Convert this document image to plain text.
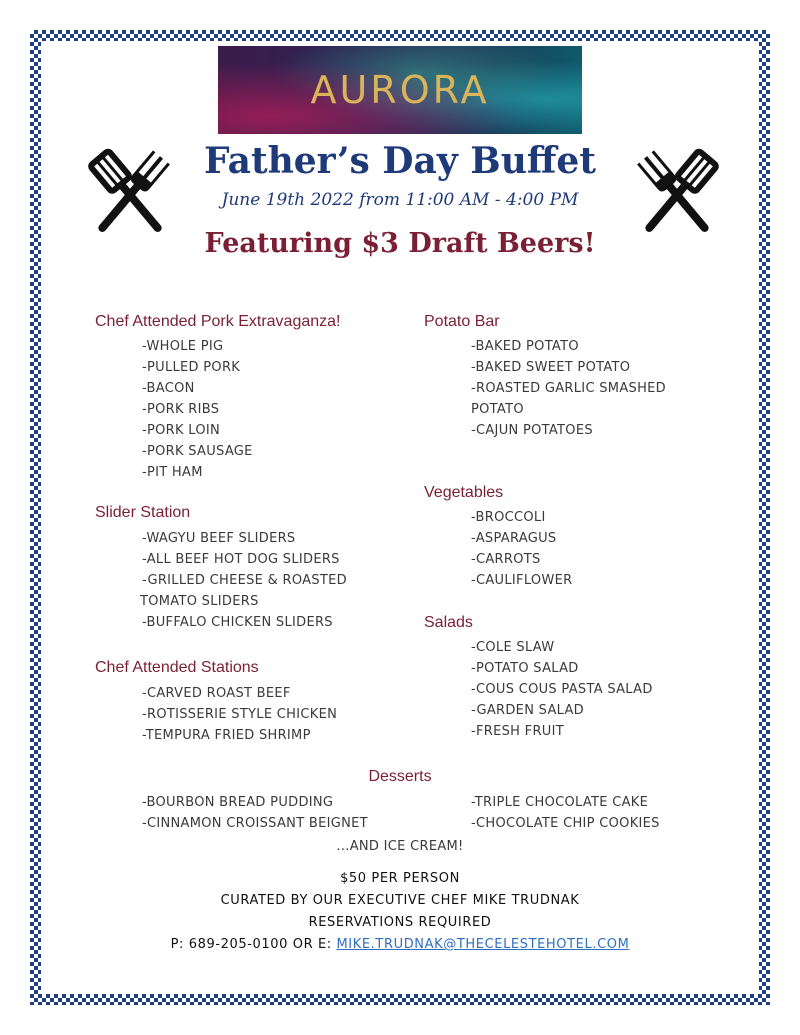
AURORA
Father’s Day Buffet
June 19th 2022 from 11:00 AM - 4:00 PM
Featuring $3 Draft Beers!
Chef Attended Pork Extravaganza!
-WHOLE PIG
-PULLED PORK
-BACON
-PORK RIBS
-PORK LOIN
-PORK SAUSAGE
-PIT HAM
Slider Station
-WAGYU BEEF SLIDERS
-ALL BEEF HOT DOG SLIDERS
-GRILLED CHEESE & ROASTED
TOMATO SLIDERS
-BUFFALO CHICKEN SLIDERS
Chef Attended Stations
-CARVED ROAST BEEF
-ROTISSERIE STYLE CHICKEN
-TEMPURA FRIED SHRIMP
Potato Bar
-BAKED POTATO
-BAKED SWEET POTATO
-ROASTED GARLIC SMASHED
POTATO
-CAJUN POTATOES
Vegetables
-BROCCOLI
-ASPARAGUS
-CARROTS
-CAULIFLOWER
Salads
-COLE SLAW
-POTATO SALAD
-COUS COUS PASTA SALAD
-GARDEN SALAD
-FRESH FRUIT
Desserts
-BOURBON BREAD PUDDING
-CINNAMON CROISSANT BEIGNET
-TRIPLE CHOCOLATE CAKE
-CHOCOLATE CHIP COOKIES
...AND ICE CREAM!
$50 PER PERSON
CURATED BY OUR EXECUTIVE CHEF MIKE TRUDNAK
RESERVATIONS REQUIRED
P: 689-205-0100 OR E: MIKE.TRUDNAK@THECELESTEHOTEL.COM
